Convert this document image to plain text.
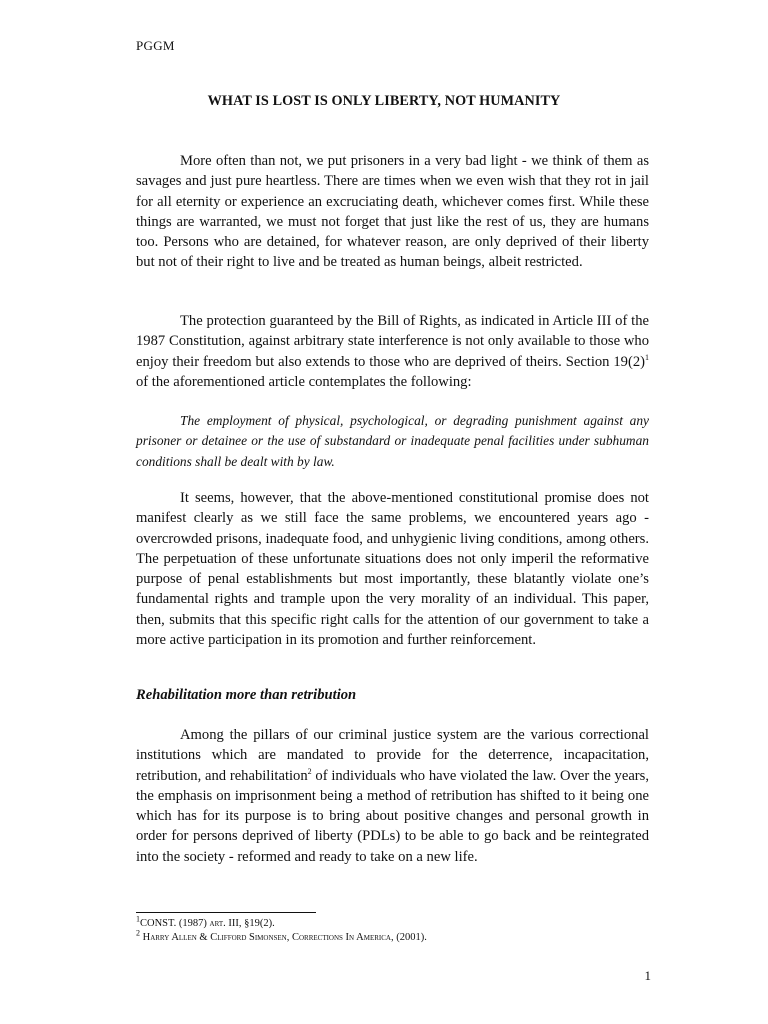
PGGM
WHAT IS LOST IS ONLY LIBERTY, NOT HUMANITY

More often than not, we put prisoners in a very bad light - we think of them as savages and just pure heartless. There are times when we even wish that they rot in jail for all eternity or experience an excruciating death, whichever comes first. While these things are warranted, we must not forget that just like the rest of us, they are humans too. Persons who are detained, for whatever reason, are only deprived of their liberty but not of their right to live and be treated as human beings, albeit restricted.

The protection guaranteed by the Bill of Rights, as indicated in Article III of the 1987 Constitution, against arbitrary state interference is not only available to those who enjoy their freedom but also extends to those who are deprived of theirs. Section $19(2)^1$ of the aforementioned article contemplates the following:

The employment of physical, psychological, or degrading punishment against any prisoner or detainee or the use of substandard or inadequate penal facilities under subhuman conditions shall be dealt with by law.

It seems, however, that the above-mentioned constitutional promise does not manifest clearly as we still face the same problems, we encountered years ago - overcrowded prisons, inadequate food, and unhygienic living conditions, among others. The perpetuation of these unfortunate situations does not only imperil the reformative purpose of penal establishments but most importantly, these blatantly violate one’s fundamental rights and trample upon the very morality of an individual. This paper, then, submits that this specific right calls for the attention of our government to take a more active participation in its promotion and further reinforcement.

Rehabilitation more than retribution

Among the pillars of our criminal justice system are the various correctional institutions which are mandated to provide for the deterrence, incapacitation, retribution, and rehabilitation$^2$ of individuals who have violated the law. Over the years, the emphasis on imprisonment being a method of retribution has shifted to it being one which has for its purpose is to bring about positive changes and personal growth in order for persons deprived of liberty (PDLs) to be able to go back and be reintegrated into the society - reformed and ready to take on a new life.

$^1$CONST. (1987) art. III, §19(2).
$^2$ Harry Allen & Clifford Simonsen, Corrections In America, (2001).
1
